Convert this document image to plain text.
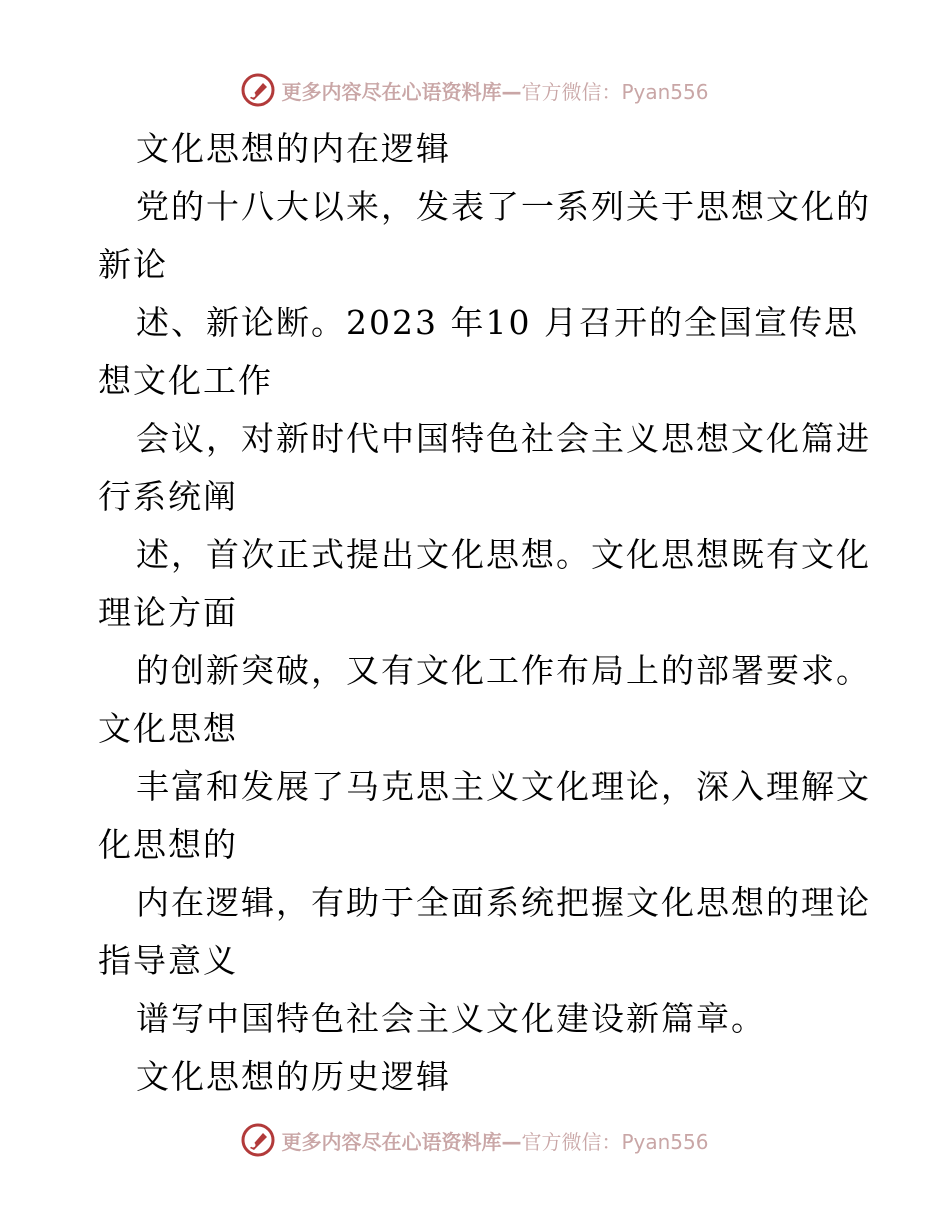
更多内容尽在心语资料库—官方微信：Pyan556
文化思想的内在逻辑
党的十八大以来，发表了一系列关于思想文化的
新论
述、新论断。2023 年10 月召开的全国宣传思
想文化工作
会议，对新时代中国特色社会主义思想文化篇进
行系统阐
述，首次正式提出文化思想。文化思想既有文化
理论方面
的创新突破，又有文化工作布局上的部署要求。
文化思想
丰富和发展了马克思主义文化理论，深入理解文
化思想的
内在逻辑，有助于全面系统把握文化思想的理论
指导意义
谱写中国特色社会主义文化建设新篇章。
文化思想的历史逻辑
更多内容尽在心语资料库—官方微信：Pyan556
